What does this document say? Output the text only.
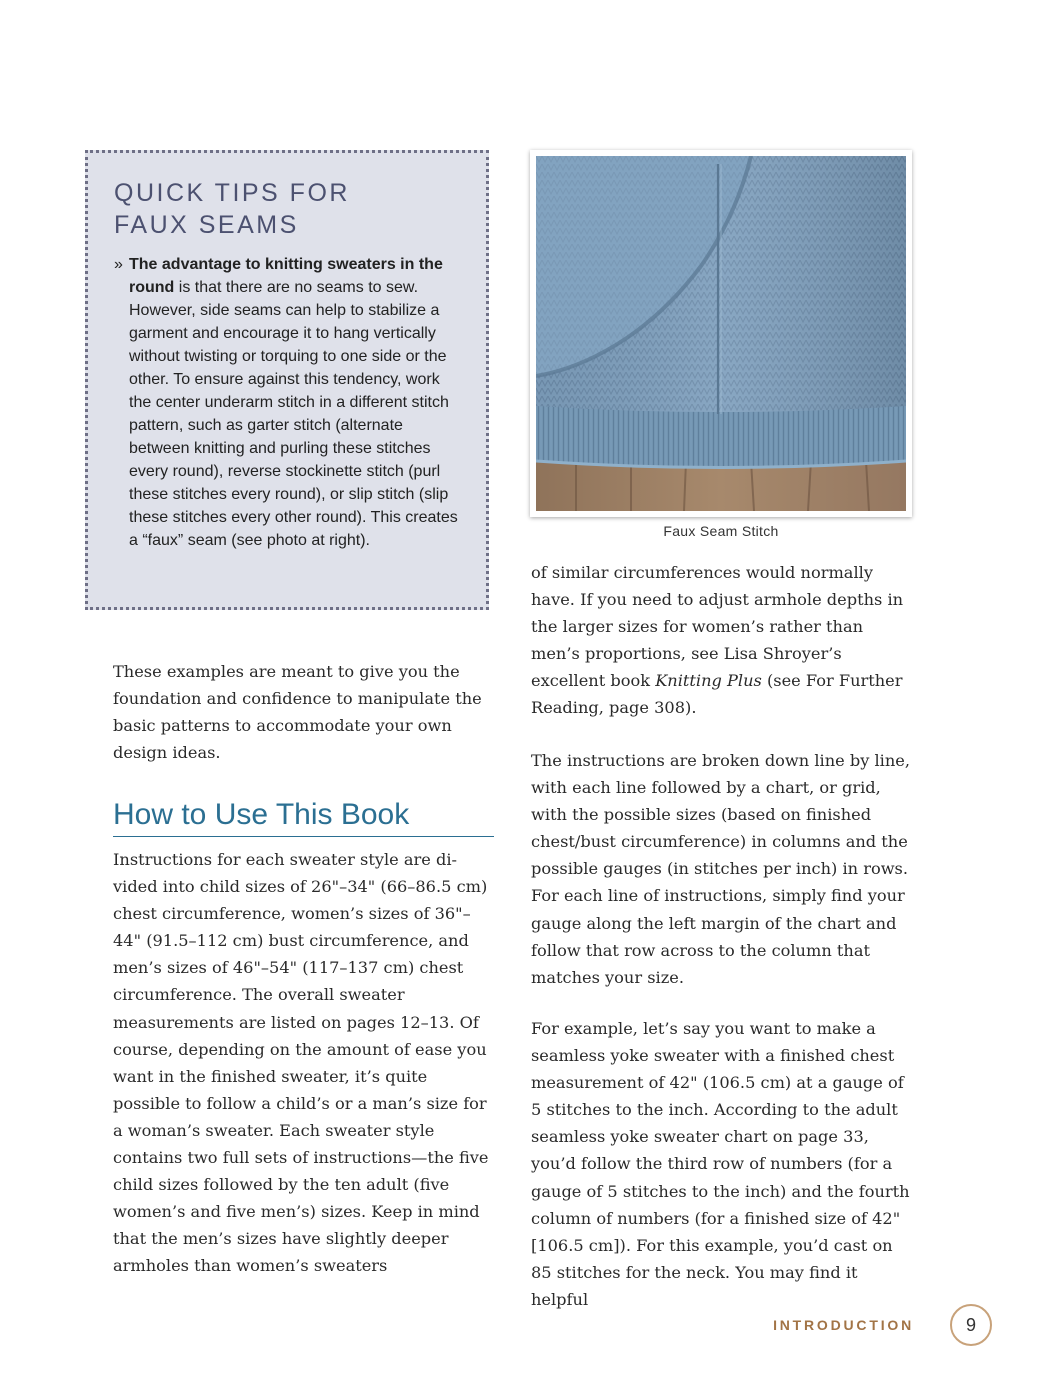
QUICK TIPS FOR FAUX SEAMS

» The advantage to knitting sweaters in the round is that there are no seams to sew. However, side seams can help to stabilize a garment and encourage it to hang vertically without twisting or torquing to one side or the other. To ensure against this tendency, work the center underarm stitch in a different stitch pattern, such as garter stitch (alternate between knitting and purling these stitches every round), reverse stockinette stitch (purl these stitches every round), or slip stitch (slip these stitches every other round). This creates a “faux” seam (see photo at right).

Faux Seam Stitch

These examples are meant to give you the foundation and confidence to manipulate the basic patterns to accommodate your own design ideas.

How to Use This Book

Instructions for each sweater style are divided into child sizes of 26"–34" (66–86.5 cm) chest circumference, women’s sizes of 36"–44" (91.5–112 cm) bust circumference, and men’s sizes of 46"–54" (117–137 cm) chest circumference. The overall sweater measurements are listed on pages 12–13. Of course, depending on the amount of ease you want in the finished sweater, it’s quite possible to follow a child’s or a man’s size for a woman’s sweater. Each sweater style contains two full sets of instructions—the five child sizes followed by the ten adult (five women’s and five men’s) sizes. Keep in mind that the men’s sizes have slightly deeper armholes than women’s sweaters

of similar circumferences would normally have. If you need to adjust armhole depths in the larger sizes for women’s rather than men’s proportions, see Lisa Shroyer’s excellent book Knitting Plus (see For Further Reading, page 308).

The instructions are broken down line by line, with each line followed by a chart, or grid, with the possible sizes (based on finished chest/bust circumference) in columns and the possible gauges (in stitches per inch) in rows. For each line of instructions, simply find your gauge along the left margin of the chart and follow that row across to the column that matches your size.

For example, let’s say you want to make a seamless yoke sweater with a finished chest measurement of 42" (106.5 cm) at a gauge of 5 stitches to the inch. According to the adult seamless yoke sweater chart on page 33, you’d follow the third row of numbers (for a gauge of 5 stitches to the inch) and the fourth column of numbers (for a finished size of 42" [106.5 cm]). For this example, you’d cast on 85 stitches for the neck. You may find it helpful

INTRODUCTION	9
